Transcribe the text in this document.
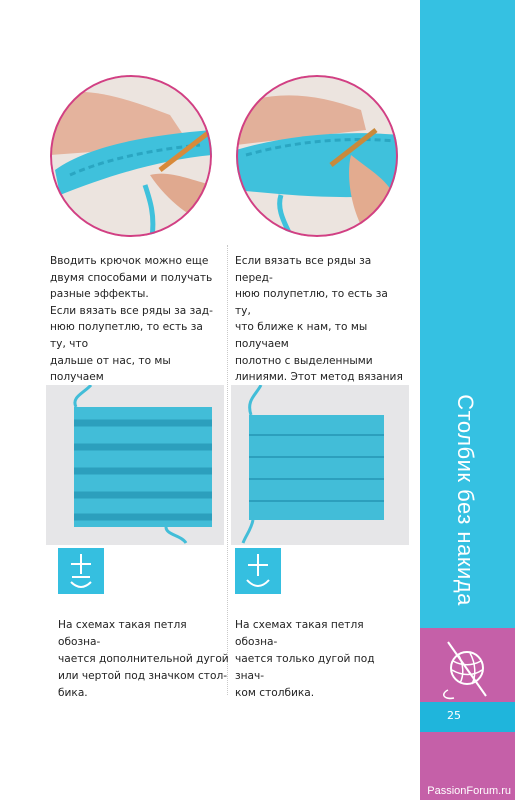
Вводить крючок можно еще
двумя способами и получать
разные эффекты.
Если вязать все ряды за зад-
нюю полупетлю, то есть за ту, что
дальше от нас, то мы получаем

Если вязать все ряды за перед-
нюю полупетлю, то есть за ту,
что ближе к нам, то мы получаем
полотно с выделенными
линиями. Этот метод вязания

На схемах такая петля обозна-
чается дополнительной дугой
или чертой под значком стол-
бика.
На схемах такая петля обозна-
чается только дугой под знач-
ком столбика.
Столбик без накида
25
PassionForum.ru
